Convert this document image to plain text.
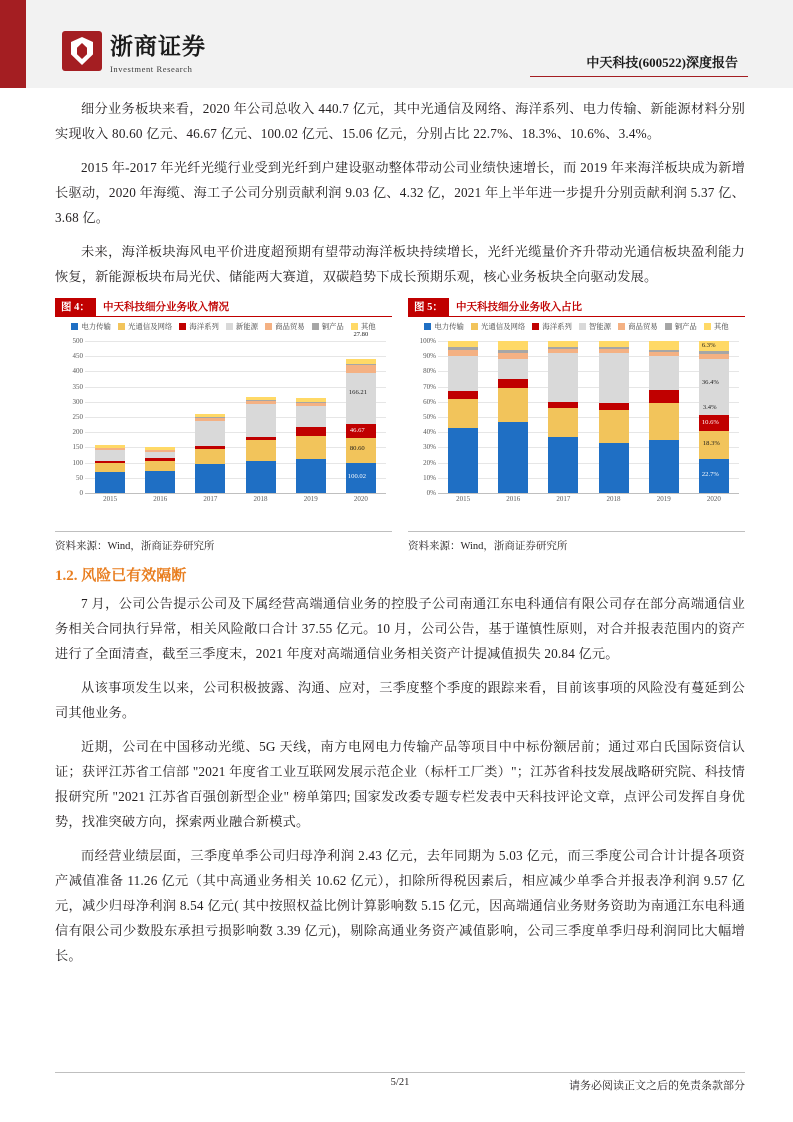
浙商证券
Investment Research	中天科技(600522)深度报告

细分业务板块来看，2020 年公司总收入 440.7 亿元，其中光通信及网络、海洋系列、电力传输、新能源材料分别实现收入 80.60 亿元、46.67 亿元、100.02 亿元、15.06 亿元，分别占比 22.7%、18.3%、10.6%、3.4%。

2015 年-2017 年光纤光缆行业受到光纤到户建设驱动整体带动公司业绩快速增长，而 2019 年来海洋板块成为新增长驱动，2020 年海缆、海工子公司分别贡献利润 9.03 亿、4.32 亿，2021 年上半年进一步提升分别贡献利润 5.37 亿、3.68 亿。

未来，海洋板块海风电平价进度超预期有望带动海洋板块持续增长，光纤光缆量价齐升带动光通信板块盈利能力恢复，新能源板块布局光伏、储能两大赛道，双碳趋势下成长预期乐观，核心业务板块全向驱动发展。

图 4：	中天科技细分业务收入情况
电力传输 光通信及网络 海洋系列 新能源 商品贸易 铜产品 其他
0
50
100
150
200
250
300
350
400
450
500
27.80
166.21
46.67
80.60
100.02
2015	2016	2017	2018	2019	2020
资料来源：Wind，浙商证券研究所
图 5：	中天科技细分业务收入占比
电力传输 光通信及网络 海洋系列 智能源 商品贸易 铜产品 其他
0%
10%
20%
30%
40%
50%
60%
70%
80%
90%
100%
6.3%
36.4%
10.6%
3.4%
18.3%
22.7%
2015	2016	2017	2018	2019	2020
资料来源：Wind，浙商证券研究所
1.2. 风险已有效隔断

7 月，公司公告提示公司及下属经营高端通信业务的控股子公司南通江东电科通信有限公司存在部分高端通信业务相关合同执行异常，相关风险敞口合计 37.55 亿元。10 月，公司公告，基于谨慎性原则，对合并报表范围内的资产进行了全面清查，截至三季度末，2021 年度对高端通信业务相关资产计提减值损失 20.84 亿元。

从该事项发生以来，公司积极披露、沟通、应对，三季度整个季度的跟踪来看，目前该事项的风险没有蔓延到公司其他业务。

近期，公司在中国移动光缆、5G 天线，南方电网电力传输产品等项目中中标份额居前；通过邓白氏国际资信认证；获评江苏省工信部 "2021 年度省工业互联网发展示范企业（标杆工厂类）"；江苏省科技发展战略研究院、科技情报研究所 "2021 江苏省百强创新型企业" 榜单第四; 国家发改委专题专栏发表中天科技评论文章，点评公司发挥自身优势，找准突破方向，探索两业融合新模式。

而经营业绩层面，三季度单季公司归母净利润 2.43 亿元，去年同期为 5.03 亿元，而三季度公司合计计提各项资产减值准备 11.26 亿元（其中高通业务相关 10.62 亿元），扣除所得税因素后，相应减少单季合并报表净利润 9.57 亿元，减少归母净利润 8.54 亿元( 其中按照权益比例计算影响数 5.15 亿元，因高端通信业务财务资助为南通江东电科通信有限公司少数股东承担亏损影响数 3.39 亿元)，剔除高通业务资产减值影响，公司三季度单季归母利润同比大幅增长。

5/21	请务必阅读正文之后的免责条款部分
